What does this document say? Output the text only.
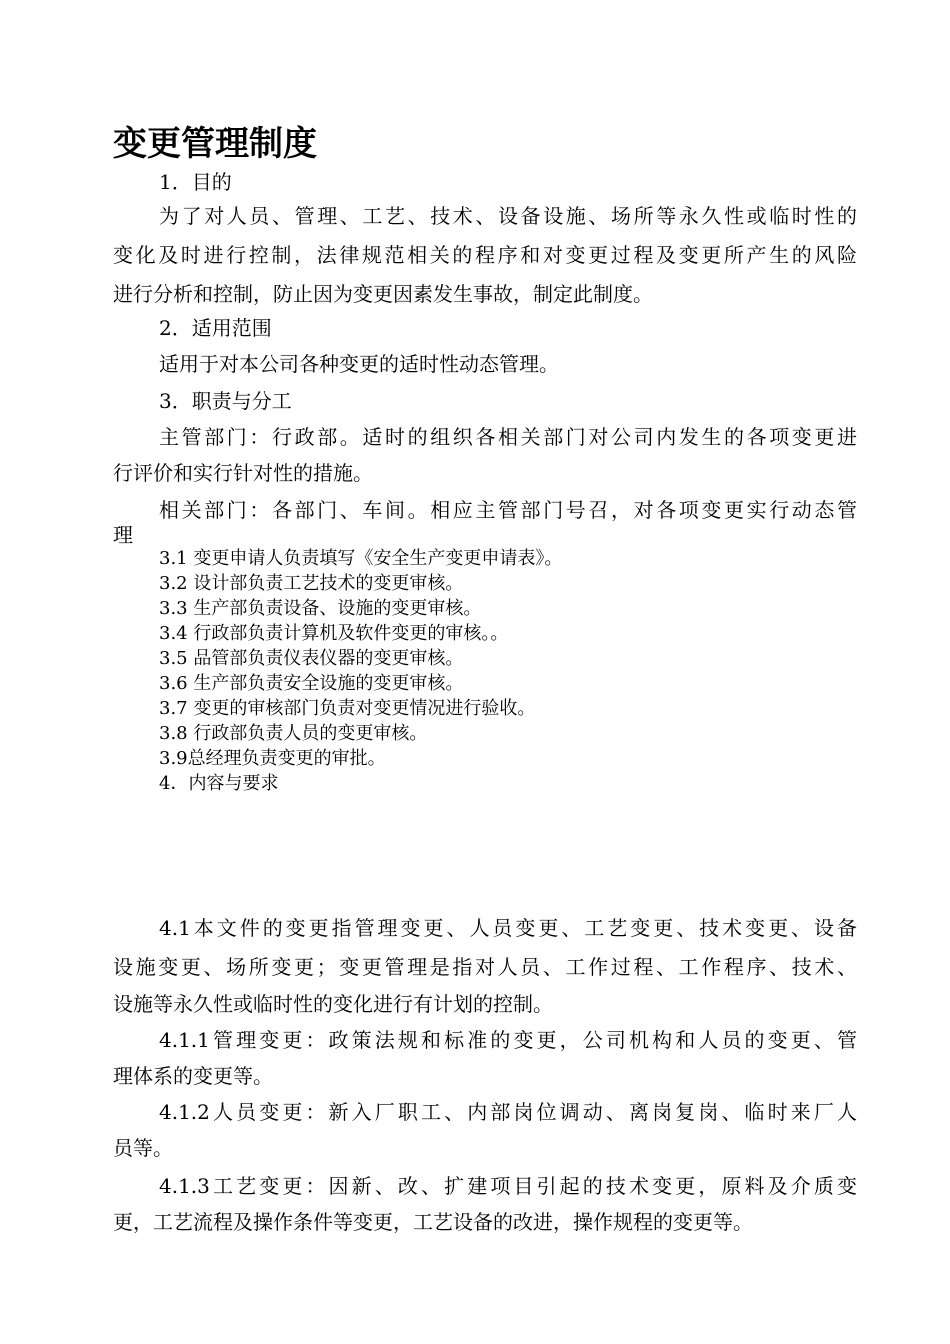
变更管理制度

1．目的

为了对人员、管理、工艺、技术、设备设施、场所等永久性或临时性的

变化及时进行控制，法律规范相关的程序和对变更过程及变更所产生的风险

进行分析和控制，防止因为变更因素发生事故，制定此制度。

2．适用范围

适用于对本公司各种变更的适时性动态管理。

3．职责与分工

主管部门：行政部。适时的组织各相关部门对公司内发生的各项变更进

行评价和实行针对性的措施。

相关部门：各部门、车间。相应主管部门号召，对各项变更实行动态管

理

3.1 变更申请人负责填写《安全生产变更申请表》。

3.2 设计部负责工艺技术的变更审核。

3.3 生产部负责设备、设施的变更审核。

3.4 行政部负责计算机及软件变更的审核。。

3.5 品管部负责仪表仪器的变更审核。

3.6 生产部负责安全设施的变更审核。

3.7 变更的审核部门负责对变更情况进行验收。

3.8 行政部负责人员的变更审核。

3.9总经理负责变更的审批。

4．内容与要求

4.1本文件的变更指管理变更、人员变更、工艺变更、技术变更、设备

设施变更、场所变更；变更管理是指对人员、工作过程、工作程序、技术、

设施等永久性或临时性的变化进行有计划的控制。

4.1.1管理变更：政策法规和标准的变更，公司机构和人员的变更、管

理体系的变更等。

4.1.2人员变更：新入厂职工、内部岗位调动、离岗复岗、临时来厂人

员等。

4.1.3工艺变更：因新、改、扩建项目引起的技术变更，原料及介质变

更，工艺流程及操作条件等变更，工艺设备的改进，操作规程的变更等。
